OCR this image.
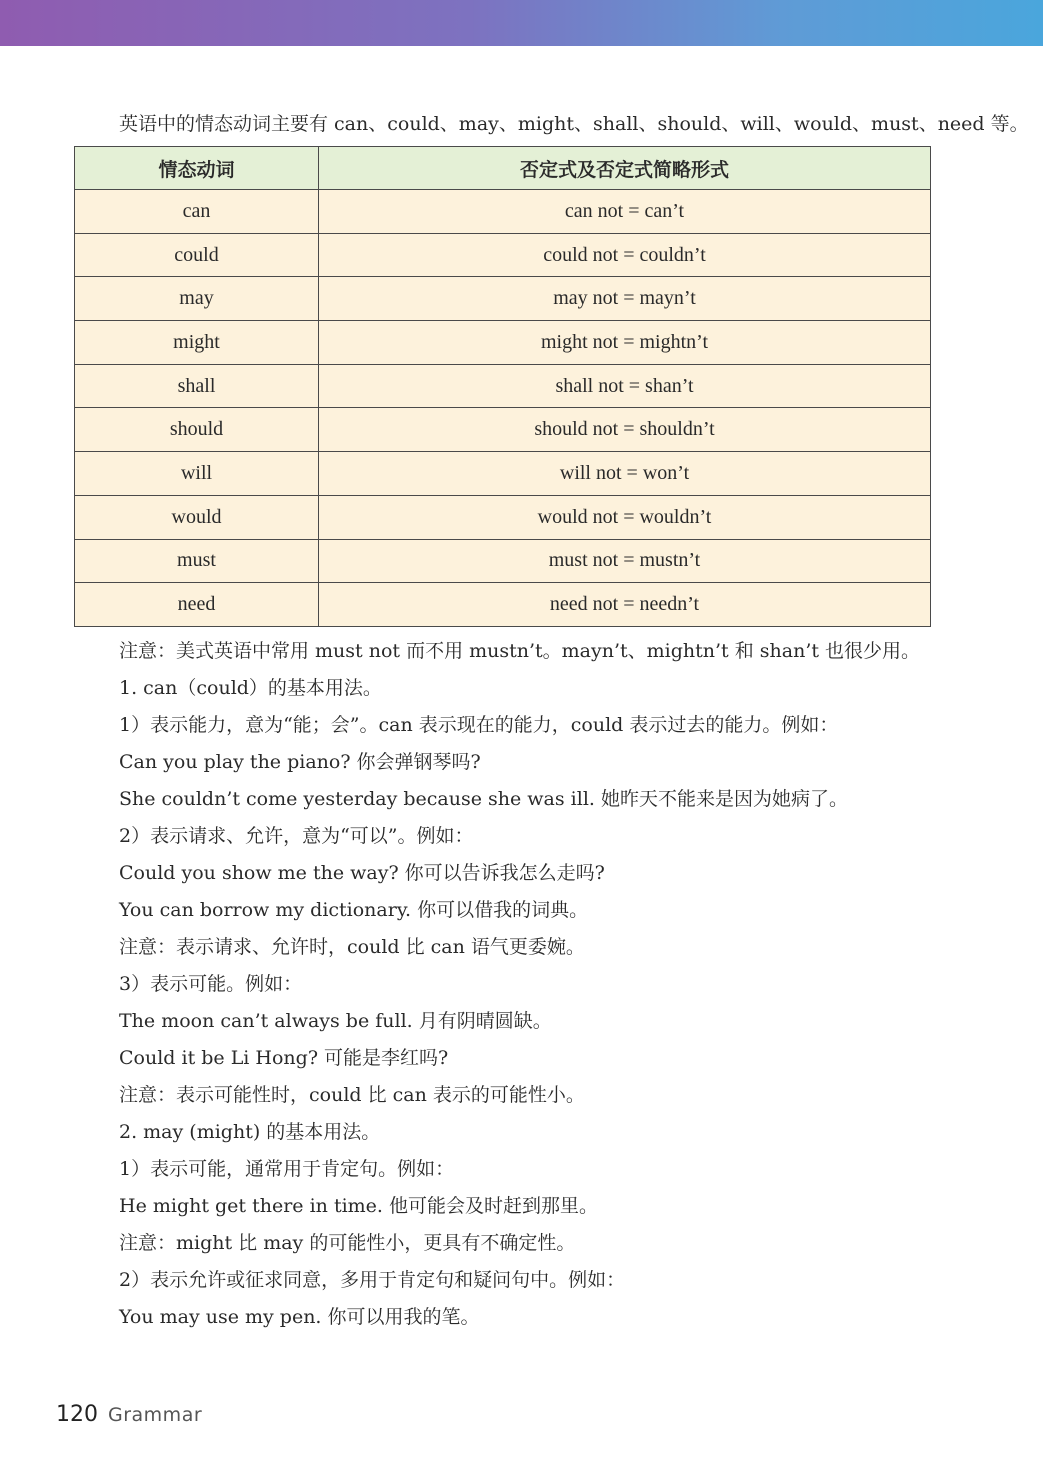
英语中的情态动词主要有 can、could、may、might、shall、should、will、would、must、need 等。
情态动词	否定式及否定式简略形式
can	can not = can’t
could	could not = couldn’t
may	may not = mayn’t
might	might not = mightn’t
shall	shall not = shan’t
should	should not = shouldn’t
will	will not = won’t
would	would not = wouldn’t
must	must not = mustn’t
need	need not = needn’t

注意：美式英语中常用 must not 而不用 mustn’t。mayn’t、mightn’t 和 shan’t 也很少用。

1. can（could）的基本用法。

1）表示能力，意为“能；会”。can 表示现在的能力，could 表示过去的能力。例如：

Can you play the piano? 你会弹钢琴吗?

She couldn’t come yesterday because she was ill. 她昨天不能来是因为她病了。

2）表示请求、允许，意为“可以”。例如：

Could you show me the way? 你可以告诉我怎么走吗?

You can borrow my dictionary. 你可以借我的词典。

注意：表示请求、允许时，could 比 can 语气更委婉。

3）表示可能。例如：

The moon can’t always be full. 月有阴晴圆缺。

Could it be Li Hong? 可能是李红吗?

注意：表示可能性时，could 比 can 表示的可能性小。

2. may (might) 的基本用法。

1）表示可能，通常用于肯定句。例如：

He might get there in time. 他可能会及时赶到那里。

注意：might 比 may 的可能性小，更具有不确定性。

2）表示允许或征求同意，多用于肯定句和疑问句中。例如：

You may use my pen. 你可以用我的笔。

120 Grammar
